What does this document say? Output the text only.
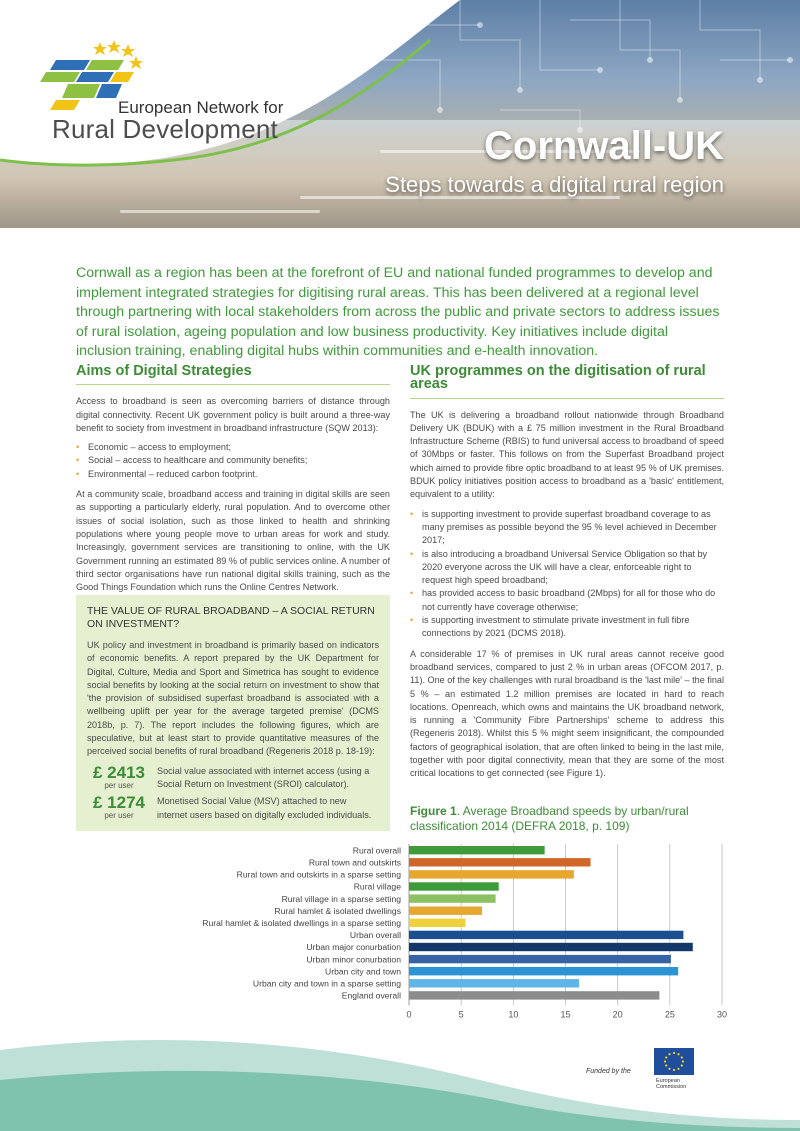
European Network for
Rural Development	Cornwall-UK
Steps towards a digital rural region

Cornwall as a region has been at the forefront of EU and national funded programmes to develop and implement integrated strategies for digitising rural areas. This has been delivered at a regional level through partnering with local stakeholders from across the public and private sectors to address issues of rural isolation, ageing population and low business productivity. Key initiatives include digital inclusion training, enabling digital hubs within communities and e-health innovation.

Aims of Digital Strategies

Access to broadband is seen as overcoming barriers of distance through digital connectivity. Recent UK government policy is built around a three-way benefit to society from investment in broadband infrastructure (SQW 2013):

• Economic – access to employment;
• Social – access to healthcare and community benefits;
• Environmental – reduced carbon footprint.

At a community scale, broadband access and training in digital skills are seen as supporting a particularly elderly, rural population. And to overcome other issues of social isolation, such as those linked to health and shrinking populations where young people move to urban areas for work and study. Increasingly, government services are transitioning to online, with the UK Government running an estimated 89 % of public services online. A number of third sector organisations have run national digital skills training, such as the Good Things Foundation which runs the Online Centres Network.

THE VALUE OF RURAL BROADBAND – A SOCIAL RETURN ON INVESTMENT?

UK policy and investment in broadband is primarily based on indicators of economic benefits. A report prepared by the UK Department for Digital, Culture, Media and Sport and Simetrica has sought to evidence social benefits by looking at the social return on investment to show that 'the provision of subsidised superfast broadband is associated with a wellbeing uplift per year for the average targeted premise' (DCMS 2018b, p. 7). The report includes the following figures, which are speculative, but at least start to provide quantitative measures of the perceived social benefits of rural broadband (Regeneris 2018 p. 18-19):

£ 2413
per user
Social value associated with internet access (using a Social Return on Investment (SROI) calculator).
£ 1274
per user
Monetised Social Value (MSV) attached to new internet users based on digitally excluded individuals.
UK programmes on the digitisation of rural areas

The UK is delivering a broadband rollout nationwide through Broadband Delivery UK (BDUK) with a £ 75 million investment in the Rural Broadband Infrastructure Scheme (RBIS) to fund universal access to broadband of speed of 30Mbps or faster. This follows on from the Superfast Broadband project which aimed to provide fibre optic broadband to at least 95 % of UK premises. BDUK policy initiatives position access to broadband as a 'basic' entitlement, equivalent to a utility:

• is supporting investment to provide superfast broadband coverage to as many premises as possible beyond the 95 % level achieved in December 2017;
• is also introducing a broadband Universal Service Obligation so that by 2020 everyone across the UK will have a clear, enforceable right to request high speed broadband;
• has provided access to basic broadband (2Mbps) for all for those who do not currently have coverage otherwise;
• is supporting investment to stimulate private investment in full fibre connections by 2021 (DCMS 2018).

A considerable 17 % of premises in UK rural areas cannot receive good broadband services, compared to just 2 % in urban areas (OFCOM 2017, p. 11). One of the key challenges with rural broadband is the 'last mile' – the final 5 % – an estimated 1.2 million premises are located in hard to reach locations. Openreach, which owns and maintains the UK broadband network, is running a 'Community Fibre Partnerships' scheme to address this (Regeneris 2018). Whilst this 5 % might seem insignificant, the compounded factors of geographical isolation, that are often linked to being in the last mile, together with poor digital connectivity, mean that they are some of the most critical locations to get connected (see Figure 1).

Figure 1. Average Broadband speeds by urban/rural classification 2014 (DEFRA 2018, p. 109)
0	5	10	15	20	25	30
Rural overall
Rural town and outskirts
Rural town and outskirts in a sparse setting
Rural village
Rural village in a sparse setting
Rural hamlet & isolated dwellings
Rural hamlet & isolated dwellings in a sparse setting
Urban overall
Urban major conurbation
Urban minor conurbation
Urban city and town
Urban city and town in a sparse setting
England overall
Funded by the
European
Commission
